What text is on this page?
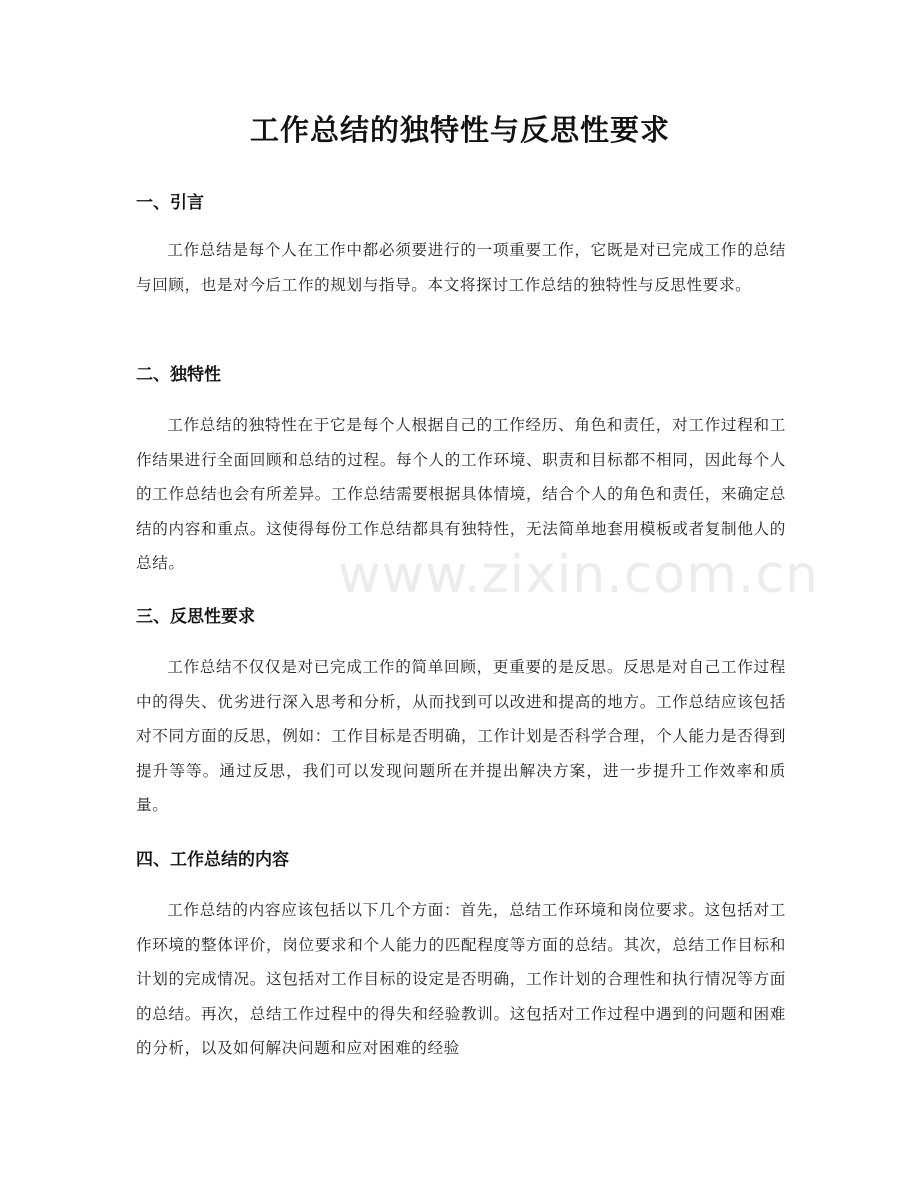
www.zixin.com.cn
工作总结的独特性与反思性要求
一、引言

工作总结是每个人在工作中都必须要进行的一项重要工作，它既是对已完成工作的总结与回顾，也是对今后工作的规划与指导。本文将探讨工作总结的独特性与反思性要求。

二、独特性

工作总结的独特性在于它是每个人根据自己的工作经历、角色和责任，对工作过程和工作结果进行全面回顾和总结的过程。每个人的工作环境、职责和目标都不相同，因此每个人的工作总结也会有所差异。工作总结需要根据具体情境，结合个人的角色和责任，来确定总结的内容和重点。这使得每份工作总结都具有独特性，无法简单地套用模板或者复制他人的总结。

三、反思性要求

工作总结不仅仅是对已完成工作的简单回顾，更重要的是反思。反思是对自己工作过程中的得失、优劣进行深入思考和分析，从而找到可以改进和提高的地方。工作总结应该包括对不同方面的反思，例如：工作目标是否明确，工作计划是否科学合理，个人能力是否得到提升等等。通过反思，我们可以发现问题所在并提出解决方案，进一步提升工作效率和质量。

四、工作总结的内容

工作总结的内容应该包括以下几个方面：首先，总结工作环境和岗位要求。这包括对工作环境的整体评价，岗位要求和个人能力的匹配程度等方面的总结。其次，总结工作目标和计划的完成情况。这包括对工作目标的设定是否明确，工作计划的合理性和执行情况等方面的总结。再次，总结工作过程中的得失和经验教训。这包括对工作过程中遇到的问题和困难的分析，以及如何解决问题和应对困难的经验
